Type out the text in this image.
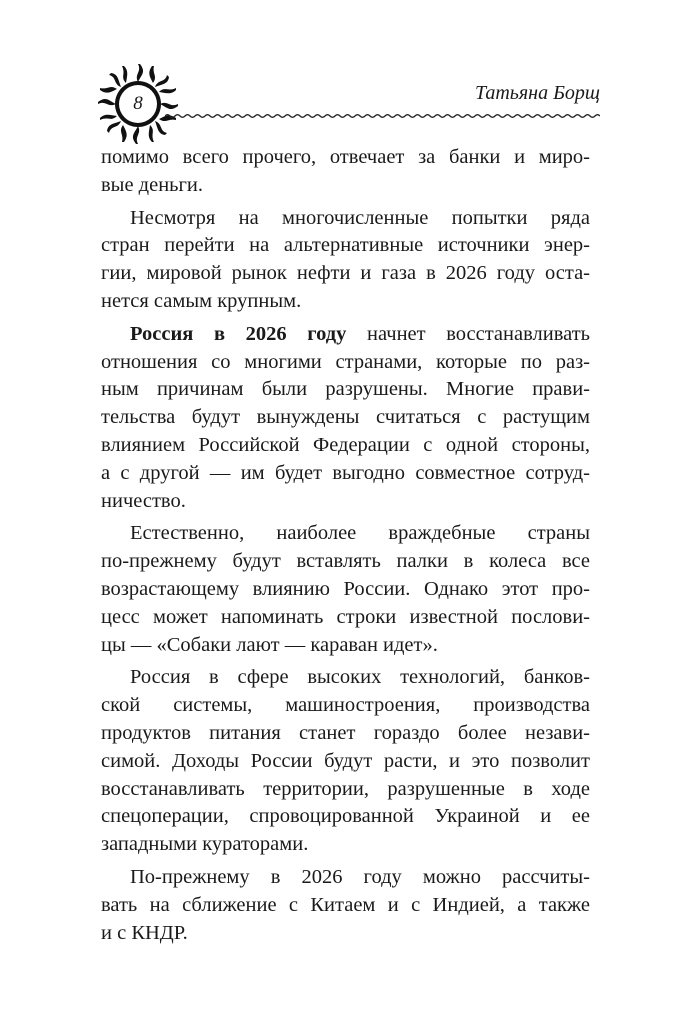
8	Татьяна Борщ

помимо всего прочего, отвечает за банки и миро-
вые деньги.

Несмотря на многочисленные попытки ряда
стран перейти на альтернативные источники энер-
гии, мировой рынок нефти и газа в 2026 году оста-
нется самым крупным.

Россия в 2026 году начнет восстанавливать
отношения со многими странами, которые по раз-
ным причинам были разрушены. Многие прави-
тельства будут вынуждены считаться с растущим
влиянием Российской Федерации с одной стороны,
а с другой — им будет выгодно совместное сотруд-
ничество.

Естественно, наиболее враждебные страны
по-прежнему будут вставлять палки в колеса все
возрастающему влиянию России. Однако этот про-
цесс может напоминать строки известной послови-
цы — «Собаки лают — караван идет».

Россия в сфере высоких технологий, банков-
ской системы, машиностроения, производства
продуктов питания станет гораздо более незави-
симой. Доходы России будут расти, и это позволит
восстанавливать территории, разрушенные в ходе
спецоперации, спровоцированной Украиной и ее
западными кураторами.

По-прежнему в 2026 году можно рассчиты-
вать на сближение с Китаем и с Индией, а также
и с КНДР.
